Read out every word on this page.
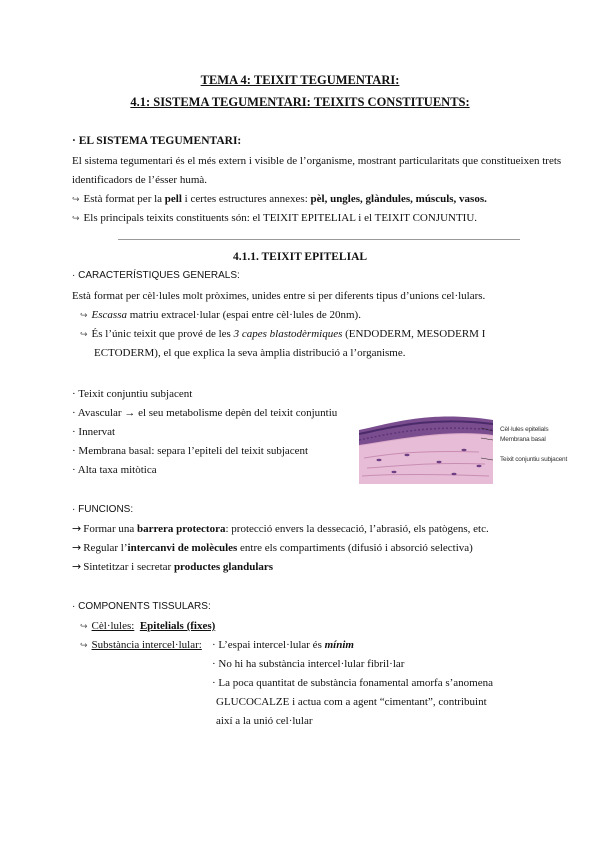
TEMA 4: TEIXIT TEGUMENTARI:
4.1: SISTEMA TEGUMENTARI: TEIXITS CONSTITUENTS:
· EL SISTEMA TEGUMENTARI:
El sistema tegumentari és el més extern i visible de l’organisme, mostrant particularitats que constitueixen trets
identificadors de l’ésser humà.
↪ Està format per la pell i certes estructures annexes: pèl, ungles, glàndules, músculs, vasos.
↪ Els principals teixits constituents són: el TEIXIT EPITELIAL i el TEIXIT CONJUNTIU.
4.1.1. TEIXIT EPITELIAL
· CARACTERÍSTIQUES GENERALS:
Està format per cèl·lules molt pròximes, unides entre si per diferents tipus d’unions cel·lulars.
↪ Escassa matriu extracel·lular (espai entre cèl·lules de 20nm).
↪ És l’únic teixit que prové de les 3 capes blastodèrmiques (ENDODERM, MESODERM I
ECTODERM), el que explica la seva àmplia distribució a l’organisme.
· Teixit conjuntiu subjacent
· Avascular → el seu metabolisme depèn del teixit conjuntiu
· Innervat
· Membrana basal: separa l’epiteli del teixit subjacent
· Alta taxa mitòtica
Cèl·lules epitelials
Membrana basal
Teixit conjuntiu subjacent
· FUNCIONS:
→ Formar una barrera protectora: protecció envers la dessecació, l’abrasió, els patògens, etc.
→ Regular l’intercanvi de molècules entre els compartiments (difusió i absorció selectiva)
→ Sintetitzar i secretar productes glandulars
· COMPONENTS TISSULARS:
↪ Cèl·lules: Epitelials (fixes)
↪ Substància intercel·lular: · L’espai intercel·lular és mínim
· No hi ha substància intercel·lular fibril·lar
· La poca quantitat de substància fonamental amorfa s’anomena
GLUCOCALZE i actua com a agent “cimentant”, contribuint
així a la unió cel·lular
